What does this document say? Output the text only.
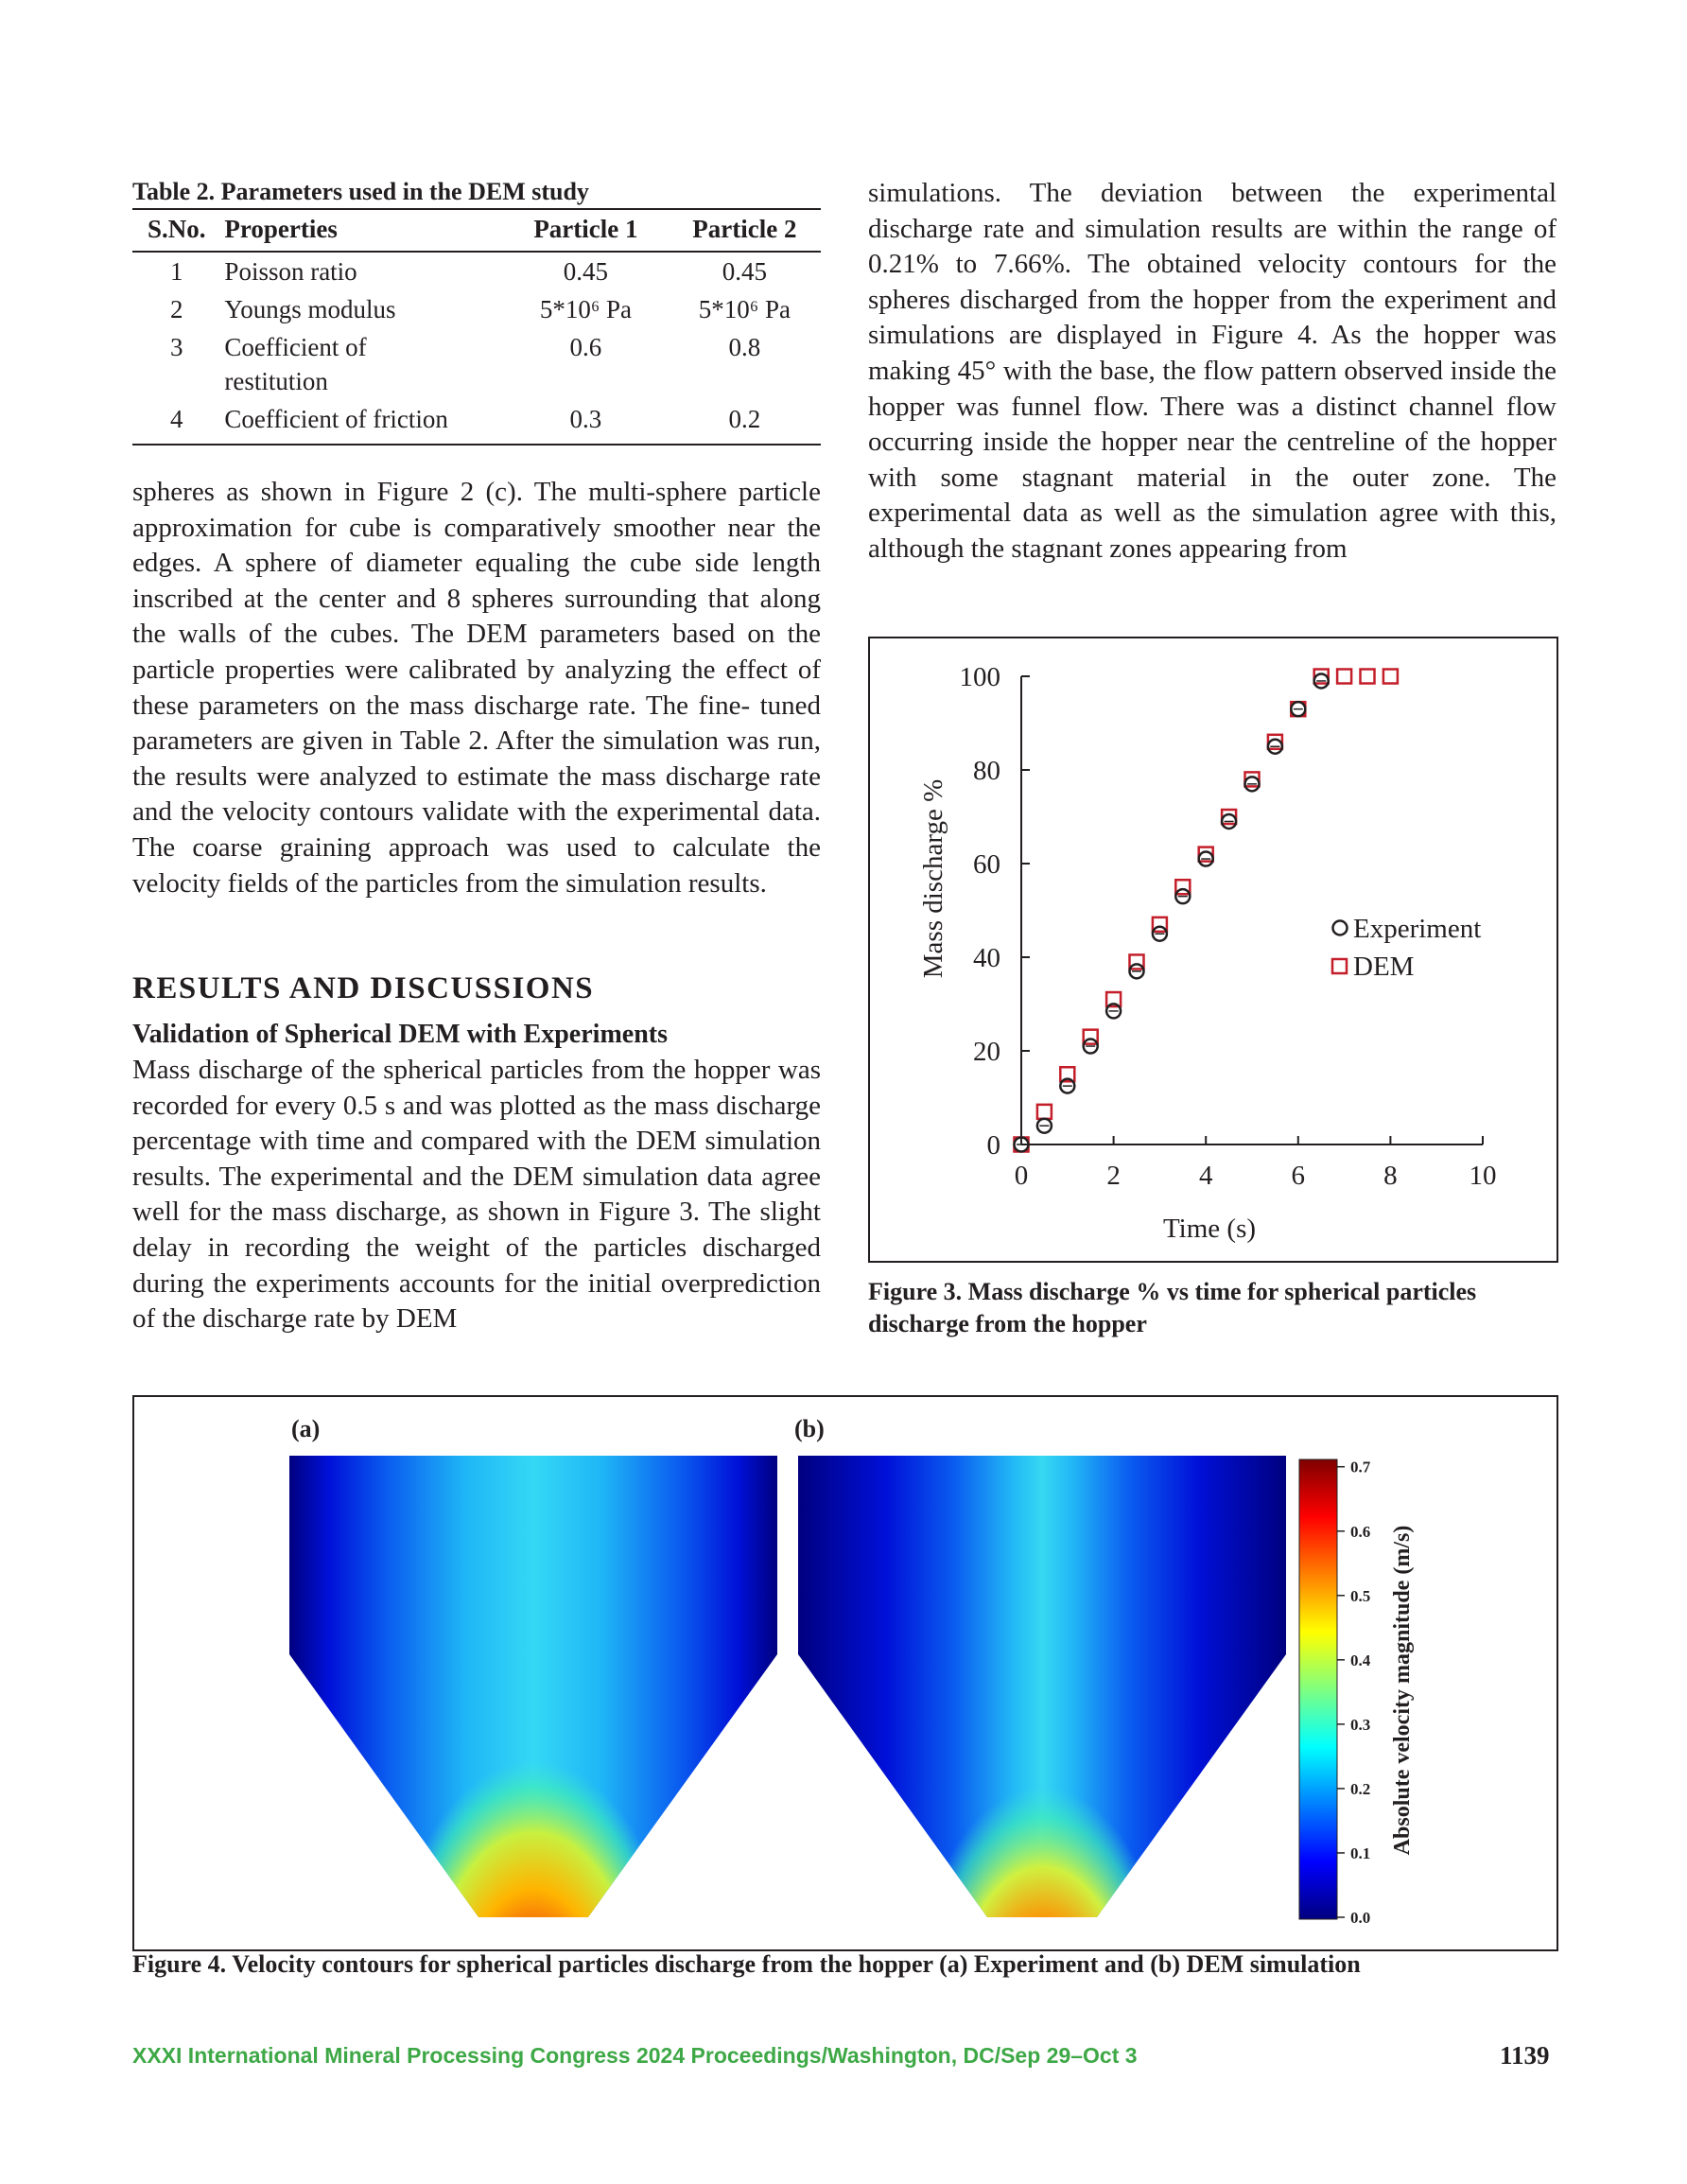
Table 2. Parameters used in the DEM study
S.No.	Properties	Particle 1	Particle 2
1	Poisson ratio	0.45	0.45
2	Youngs modulus	5*10⁶ Pa	5*10⁶ Pa
3	Coefficient of restitution	0.6	0.8
4	Coefficient of friction	0.3	0.2
spheres as shown in Figure 2 (c). The multi-sphere particle approximation for cube is comparatively smoother near the edges. A sphere of diameter equaling the cube side length inscribed at the center and 8 spheres surrounding that along the walls of the cubes. The DEM parameters based on the particle properties were calibrated by analyzing the effect of these parameters on the mass discharge rate. The fine- tuned parameters are given in Table 2. After the simulation was run, the results were analyzed to estimate the mass discharge rate and the velocity contours validate with the experimental data. The coarse graining approach was used to calculate the velocity fields of the particles from the simulation results.
RESULTS AND DISCUSSIONS
Validation of Spherical DEM with Experiments
Mass discharge of the spherical particles from the hopper was recorded for every 0.5 s and was plotted as the mass discharge percentage with time and compared with the DEM simulation results. The experimental and the DEM simulation data agree well for the mass discharge, as shown in Figure 3. The slight delay in recording the weight of the particles discharged during the experiments accounts for the initial overprediction of the discharge rate by DEM
simulations. The deviation between the experimental discharge rate and simulation results are within the range of 0.21% to 7.66%. The obtained velocity contours for the spheres discharged from the hopper from the experiment and simulations are displayed in Figure 4. As the hopper was making 45° with the base, the flow pattern observed inside the hopper was funnel flow. There was a distinct channel flow occurring inside the hopper near the centreline of the hopper with some stagnant material in the outer zone. The experimental data as well as the simulation agree with this, although the stagnant zones appearing from
0
20
40
60
80
100
0	2	4	6	8	10
Time (s)
Mass discharge %	Experiment
DEM
Figure 3. Mass discharge % vs time for spherical particles discharge from the hopper
(a)	(b)
0.7
0.6
0.5
0.4
0.3
0.2
0.1
0.0
Absolute velocity magnitude (m/s)
Figure 4. Velocity contours for spherical particles discharge from the hopper (a) Experiment and (b) DEM simulation
XXXI International Mineral Processing Congress 2024 Proceedings/Washington, DC/Sep 29–Oct 3	1139
